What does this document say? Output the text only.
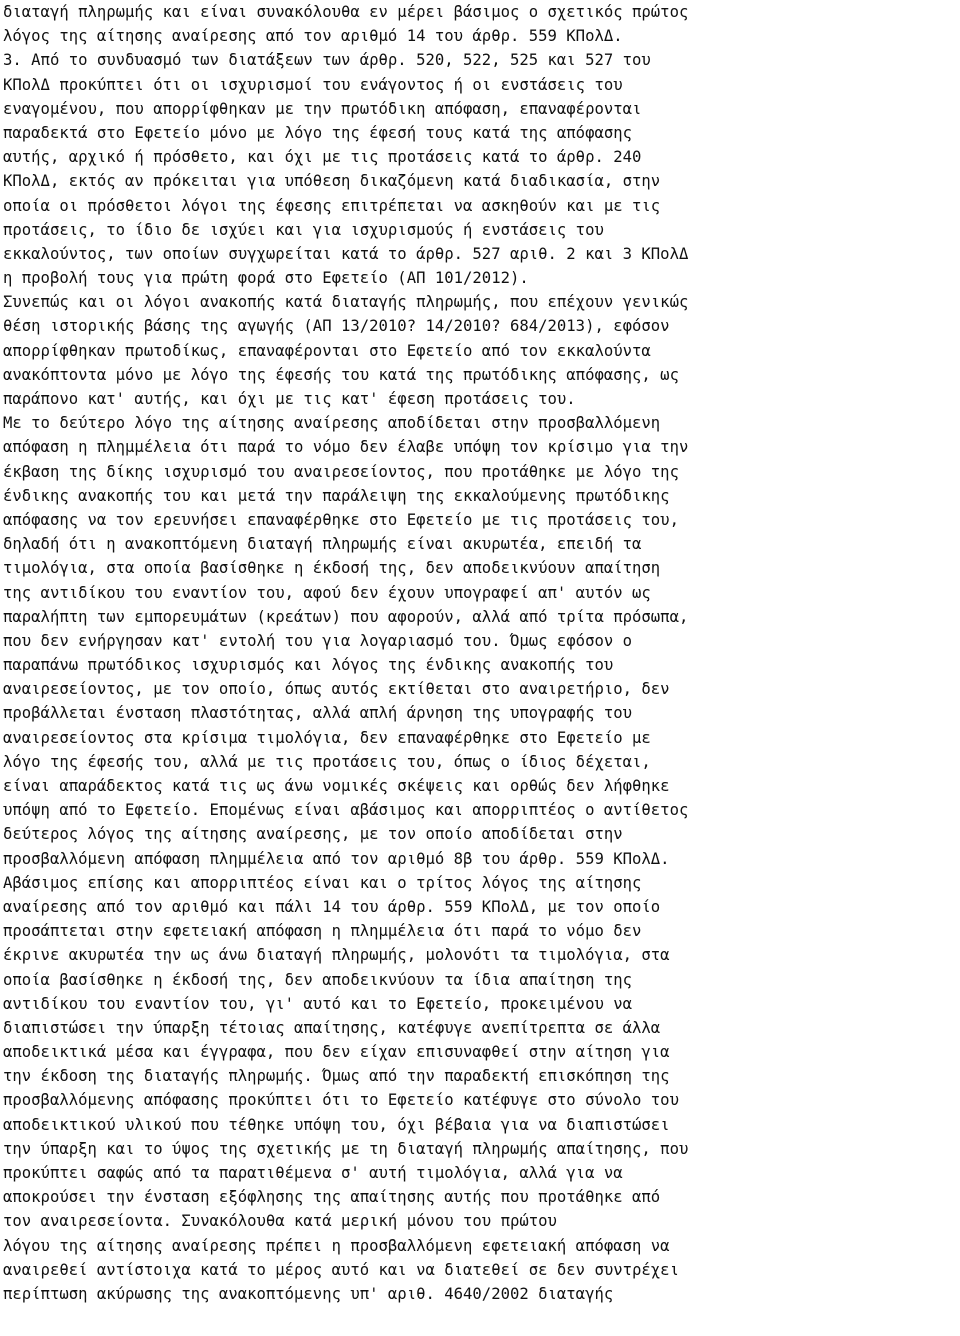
διαταγή πληρωμής και είναι συνακόλουθα εν μέρει βάσιμος ο σχετικός πρώτος
λόγος της αίτησης αναίρεσης από τον αριθμό 14 του άρθρ. 559 ΚΠολΔ.
3. Από το συνδυασμό των διατάξεων των άρθρ. 520, 522, 525 και 527 του
ΚΠολΔ προκύπτει ότι οι ισχυρισμοί του ενάγοντος ή οι ενστάσεις του
εναγομένου, που απορρίφθηκαν με την πρωτόδικη απόφαση, επαναφέρονται
παραδεκτά στο Εφετείο μόνο με λόγο της έφεσή τους κατά της απόφασης
αυτής, αρχικό ή πρόσθετο, και όχι με τις προτάσεις κατά το άρθρ. 240
ΚΠολΔ, εκτός αν πρόκειται για υπόθεση δικαζόμενη κατά διαδικασία, στην
οποία οι πρόσθετοι λόγοι της έφεσης επιτρέπεται να ασκηθούν και με τις
προτάσεις, το ίδιο δε ισχύει και για ισχυρισμούς ή ενστάσεις του
εκκαλούντος, των οποίων συγχωρείται κατά το άρθρ. 527 αριθ. 2 και 3 ΚΠολΔ
η προβολή τους για πρώτη φορά στο Εφετείο (ΑΠ 101/2012).
Συνεπώς και οι λόγοι ανακοπής κατά διαταγής πληρωμής, που επέχουν γενικώς
θέση ιστορικής βάσης της αγωγής (ΑΠ 13/2010? 14/2010? 684/2013), εφόσον
απορρίφθηκαν πρωτοδίκως, επαναφέρονται στο Εφετείο από τον εκκαλούντα
ανακόπτοντα μόνο με λόγο της έφεσής του κατά της πρωτόδικης απόφασης, ως
παράπονο κατ' αυτής, και όχι με τις κατ' έφεση προτάσεις του.
Με το δεύτερο λόγο της αίτησης αναίρεσης αποδίδεται στην προσβαλλόμενη
απόφαση η πλημμέλεια ότι παρά το νόμο δεν έλαβε υπόψη τον κρίσιμο για την
έκβαση της δίκης ισχυρισμό του αναιρεσείοντος, που προτάθηκε με λόγο της
ένδικης ανακοπής του και μετά την παράλειψη της εκκαλούμενης πρωτόδικης
απόφασης να τον ερευνήσει επαναφέρθηκε στο Εφετείο με τις προτάσεις του,
δηλαδή ότι η ανακοπτόμενη διαταγή πληρωμής είναι ακυρωτέα, επειδή τα
τιμολόγια, στα οποία βασίσθηκε η έκδοσή της, δεν αποδεικνύουν απαίτηση
της αντιδίκου του εναντίον του, αφού δεν έχουν υπογραφεί απ' αυτόν ως
παραλήπτη των εμπορευμάτων (κρεάτων) που αφορούν, αλλά από τρίτα πρόσωπα,
που δεν ενήργησαν κατ' εντολή του για λογαριασμό του. Όμως εφόσον ο
παραπάνω πρωτόδικος ισχυρισμός και λόγος της ένδικης ανακοπής του
αναιρεσείοντος, με τον οποίο, όπως αυτός εκτίθεται στο αναιρετήριο, δεν
προβάλλεται ένσταση πλαστότητας, αλλά απλή άρνηση της υπογραφής του
αναιρεσείοντος στα κρίσιμα τιμολόγια, δεν επαναφέρθηκε στο Εφετείο με
λόγο της έφεσής του, αλλά με τις προτάσεις του, όπως ο ίδιος δέχεται,
είναι απαράδεκτος κατά τις ως άνω νομικές σκέψεις και ορθώς δεν λήφθηκε
υπόψη από το Εφετείο. Επομένως είναι αβάσιμος και απορριπτέος ο αντίθετος
δεύτερος λόγος της αίτησης αναίρεσης, με τον οποίο αποδίδεται στην
προσβαλλόμενη απόφαση πλημμέλεια από τον αριθμό 8β του άρθρ. 559 ΚΠολΔ.
Αβάσιμος επίσης και απορριπτέος είναι και ο τρίτος λόγος της αίτησης
αναίρεσης από τον αριθμό και πάλι 14 του άρθρ. 559 ΚΠολΔ, με τον οποίο
προσάπτεται στην εφετειακή απόφαση η πλημμέλεια ότι παρά το νόμο δεν
έκρινε ακυρωτέα την ως άνω διαταγή πληρωμής, μολονότι τα τιμολόγια, στα
οποία βασίσθηκε η έκδοσή της, δεν αποδεικνύουν τα ίδια απαίτηση της
αντιδίκου του εναντίον του, γι' αυτό και το Εφετείο, προκειμένου να
διαπιστώσει την ύπαρξη τέτοιας απαίτησης, κατέφυγε ανεπίτρεπτα σε άλλα
αποδεικτικά μέσα και έγγραφα, που δεν είχαν επισυναφθεί στην αίτηση για
την έκδοση της διαταγής πληρωμής. Όμως από την παραδεκτή επισκόπηση της
προσβαλλόμενης απόφασης προκύπτει ότι το Εφετείο κατέφυγε στο σύνολο του
αποδεικτικού υλικού που τέθηκε υπόψη του, όχι βέβαια για να διαπιστώσει
την ύπαρξη και το ύψος της σχετικής με τη διαταγή πληρωμής απαίτησης, που
προκύπτει σαφώς από τα παρατιθέμενα σ' αυτή τιμολόγια, αλλά για να
αποκρούσει την ένσταση εξόφλησης της απαίτησης αυτής που προτάθηκε από
τον αναιρεσείοντα. Συνακόλουθα κατά μερική μόνου του πρώτου
λόγου της αίτησης αναίρεσης πρέπει η προσβαλλόμενη εφετειακή απόφαση να
αναιρεθεί αντίστοιχα κατά το μέρος αυτό και να διατεθεί σε δεν συντρέχει
περίπτωση ακύρωσης της ανακοπτόμενης υπ' αριθ. 4640/2002 διαταγής
